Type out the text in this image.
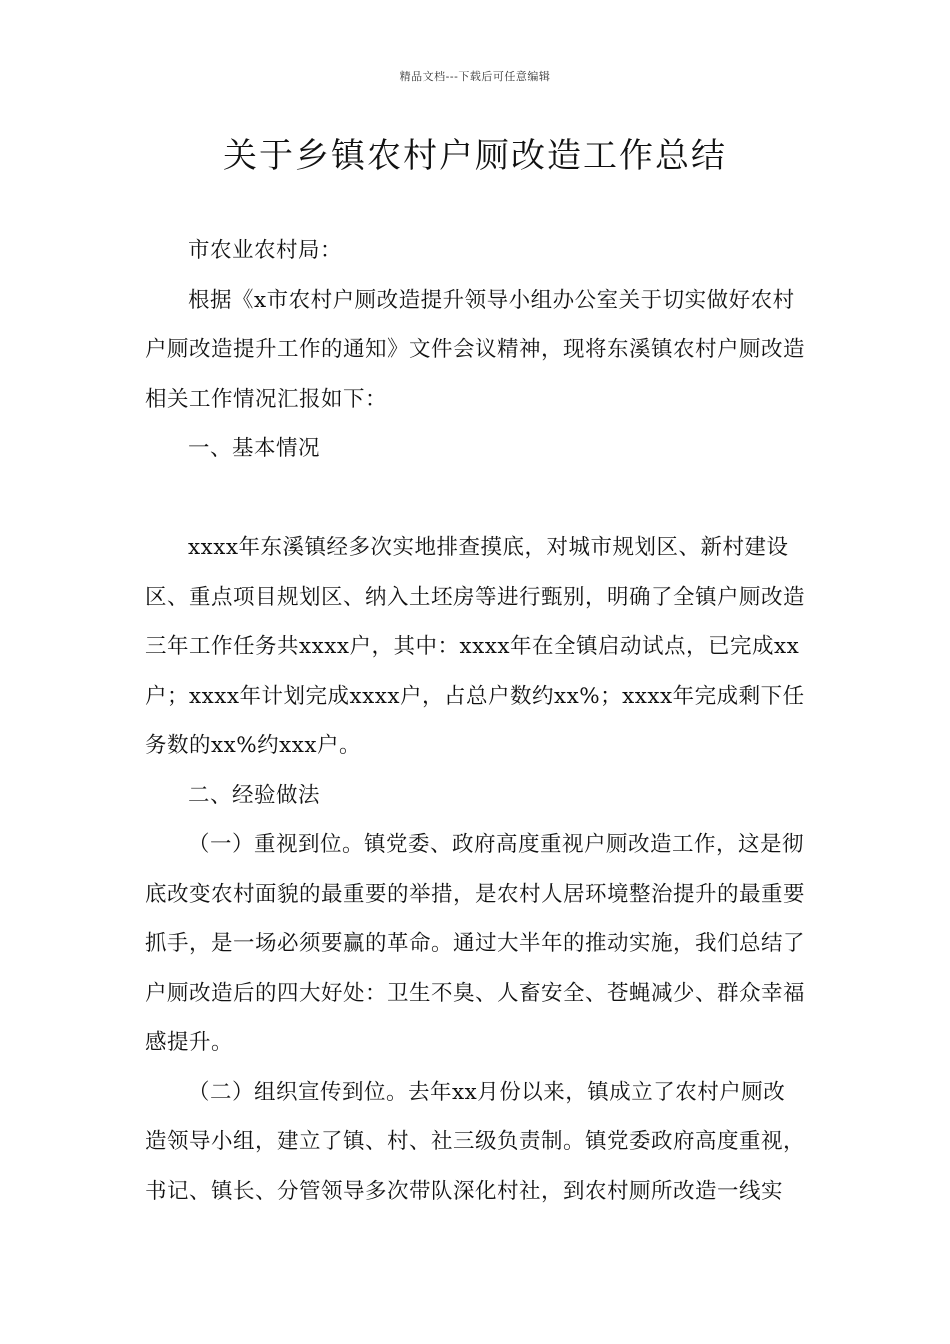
精品文档---下载后可任意编辑
关于乡镇农村户厕改造工作总结

市农业农村局：

根据《x市农村户厕改造提升领导小组办公室关于切实做好农村户厕改造提升工作的通知》文件会议精神，现将东溪镇农村户厕改造相关工作情况汇报如下：

一、基本情况

xxxx年东溪镇经多次实地排查摸底，对城市规划区、新村建设区、重点项目规划区、纳入土坯房等进行甄别，明确了全镇户厕改造三年工作任务共xxxx户，其中：xxxx年在全镇启动试点，已完成xx户；xxxx年计划完成xxxx户，占总户数约xx%；xxxx年完成剩下任务数的xx%约xxx户。

二、经验做法

（一）重视到位。镇党委、政府高度重视户厕改造工作，这是彻底改变农村面貌的最重要的举措，是农村人居环境整治提升的最重要抓手，是一场必须要赢的革命。通过大半年的推动实施，我们总结了户厕改造后的四大好处：卫生不臭、人畜安全、苍蝇减少、群众幸福感提升。

（二）组织宣传到位。去年xx月份以来，镇成立了农村户厕改造领导小组，建立了镇、村、社三级负责制。镇党委政府高度重视，书记、镇长、分管领导多次带队深化村社，到农村厕所改造一线实
